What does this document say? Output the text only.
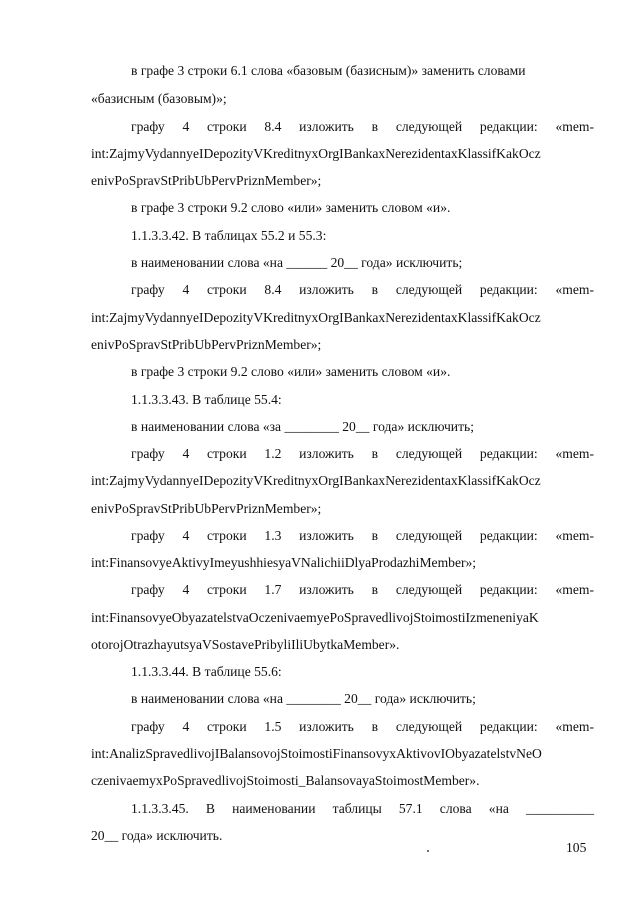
в графе 3 строки 6.1 слова «базовым (базисным)» заменить словами
«базисным (базовым)»;
графу 4 строки 8.4 изложить в следующей редакции: «mem-
int:ZajmyVydannyeIDepozityVKreditnyxOrgIBankaxNerezidentaxKlassifKakOcz
enivPoSpravStPribUbPervPriznMember»;
в графе 3 строки 9.2 слово «или» заменить словом «и».
1.1.3.3.42. В таблицах 55.2 и 55.3:
в наименовании слова «на ______ 20__ года» исключить;
графу 4 строки 8.4 изложить в следующей редакции: «mem-
int:ZajmyVydannyeIDepozityVKreditnyxOrgIBankaxNerezidentaxKlassifKakOcz
enivPoSpravStPribUbPervPriznMember»;
в графе 3 строки 9.2 слово «или» заменить словом «и».
1.1.3.3.43. В таблице 55.4:
в наименовании слова «за ________ 20__ года» исключить;
графу 4 строки 1.2 изложить в следующей редакции: «mem-
int:ZajmyVydannyeIDepozityVKreditnyxOrgIBankaxNerezidentaxKlassifKakOcz
enivPoSpravStPribUbPervPriznMember»;
графу 4 строки 1.3 изложить в следующей редакции: «mem-
int:FinansovyeAktivyImeyushhiesyaVNalichiiDlyaProdazhiMember»;
графу 4 строки 1.7 изложить в следующей редакции: «mem-
int:FinansovyeObyazatelstvaOczenivaemyePoSpravedlivojStoimostiIzmeneniyaK
otorojOtrazhayutsyaVSostavePribyliIliUbytkaMember».
1.1.3.3.44. В таблице 55.6:
в наименовании слова «на ________ 20__ года» исключить;
графу 4 строки 1.5 изложить в следующей редакции: «mem-
int:AnalizSpravedlivojIBalansovojStoimostiFinansovyxAktivovIObyazatelstvNeO
czenivaemyxPoSpravedlivojStoimosti_BalansovayaStoimostMember».
1.1.3.3.45. В наименовании таблицы 57.1 слова «на __________
20__ года» исключить.
105
